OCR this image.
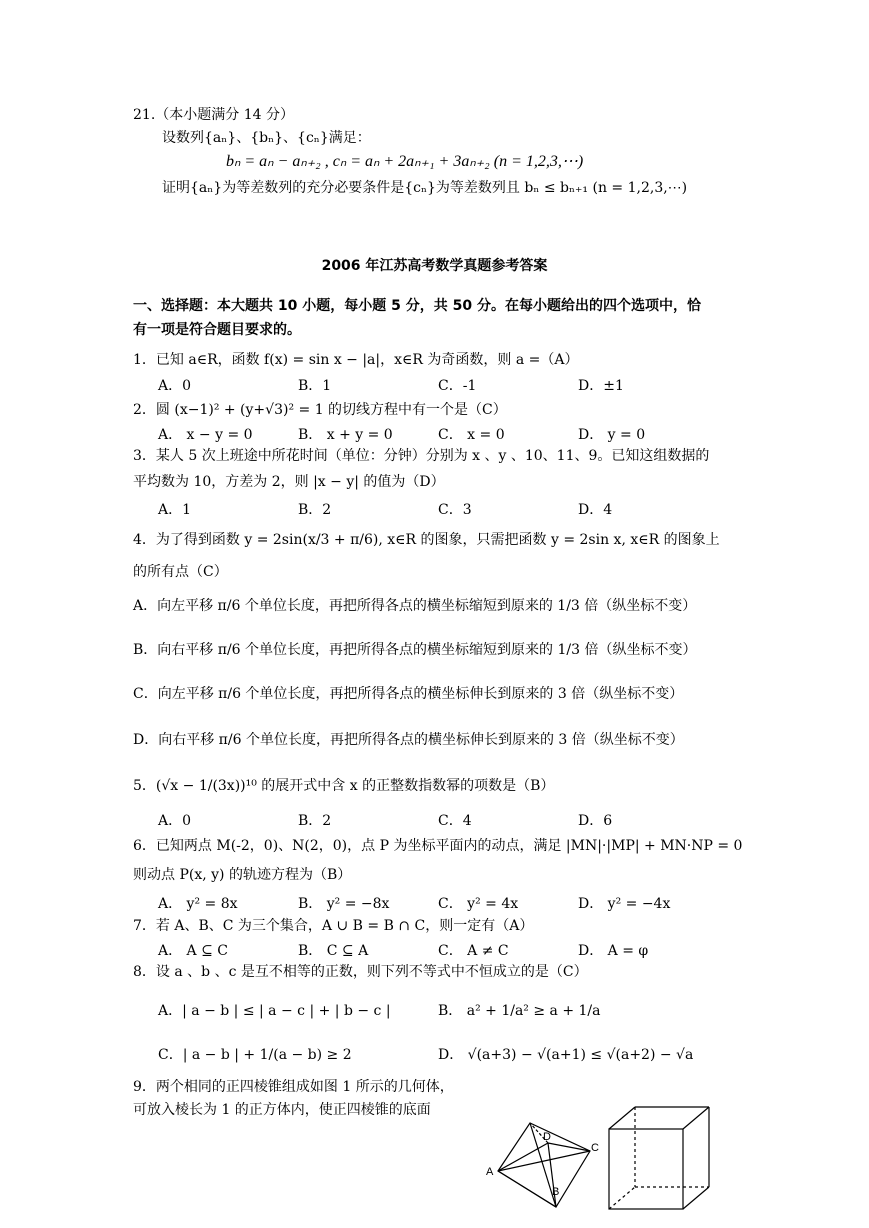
21.（本小题满分 14 分）
设数列{aₙ}、{bₙ}、{cₙ}满足：
bₙ = aₙ − aₙ₊₂ , cₙ = aₙ + 2aₙ₊₁ + 3aₙ₊₂ (n = 1,2,3,⋯)
证明{aₙ}为等差数列的充分必要条件是{cₙ}为等差数列且 bₙ ≤ bₙ₊₁ (n = 1,2,3,⋯)
2006 年江苏高考数学真题参考答案
一、选择题：本大题共 10 小题，每小题 5 分，共 50 分。在每小题给出的四个选项中，恰
有一项是符合题目要求的。
1．已知 a∈R，函数 f(x) = sin x − |a|，x∈R 为奇函数，则 a =（A）
A．0	B．1	C．-1	D．±1
2．圆 (x−1)² + (y+√3)² = 1 的切线方程中有一个是（C）
A． x − y = 0	B． x + y = 0	C． x = 0	D． y = 0
3．某人 5 次上班途中所花时间（单位：分钟）分别为 x 、y 、10、11、9。已知这组数据的
平均数为 10，方差为 2，则 |x − y| 的值为（D）
A．1	B．2	C．3	D．4
4．为了得到函数 y = 2sin(x/3 + π/6), x∈R 的图象，只需把函数 y = 2sin x, x∈R 的图象上
的所有点（C）
A．向左平移 π/6 个单位长度，再把所得各点的横坐标缩短到原来的 1/3 倍（纵坐标不变）
B．向右平移 π/6 个单位长度，再把所得各点的横坐标缩短到原来的 1/3 倍（纵坐标不变）
C．向左平移 π/6 个单位长度，再把所得各点的横坐标伸长到原来的 3 倍（纵坐标不变）
D．向右平移 π/6 个单位长度，再把所得各点的横坐标伸长到原来的 3 倍（纵坐标不变）
5．(√x − 1/(3x))¹⁰ 的展开式中含 x 的正整数指数幂的项数是（B）
A．0	B．2	C．4	D．6
6．已知两点 M(-2，0)、N(2，0)，点 P 为坐标平面内的动点，满足 |MN|·|MP| + MN·NP = 0
则动点 P(x, y) 的轨迹方程为（B）
A． y² = 8x	B． y² = −8x	C． y² = 4x	D． y² = −4x
7．若 A、B、C 为三个集合，A ∪ B = B ∩ C，则一定有（A）
A． A ⊆ C	B． C ⊆ A	C． A ≠ C	D． A = φ
8．设 a 、b 、c 是互不相等的正数，则下列不等式中不恒成立的是（C）
A．| a − b | ≤ | a − c | + | b − c |	B． a² + 1/a² ≥ a + 1/a
C．| a − b | + 1/(a − b) ≥ 2	D． √(a+3) − √(a+1) ≤ √(a+2) − √a
9．两个相同的正四棱锥组成如图 1 所示的几何体，
可放入棱长为 1 的正方体内，使正四棱锥的底面
A
B
C
D
